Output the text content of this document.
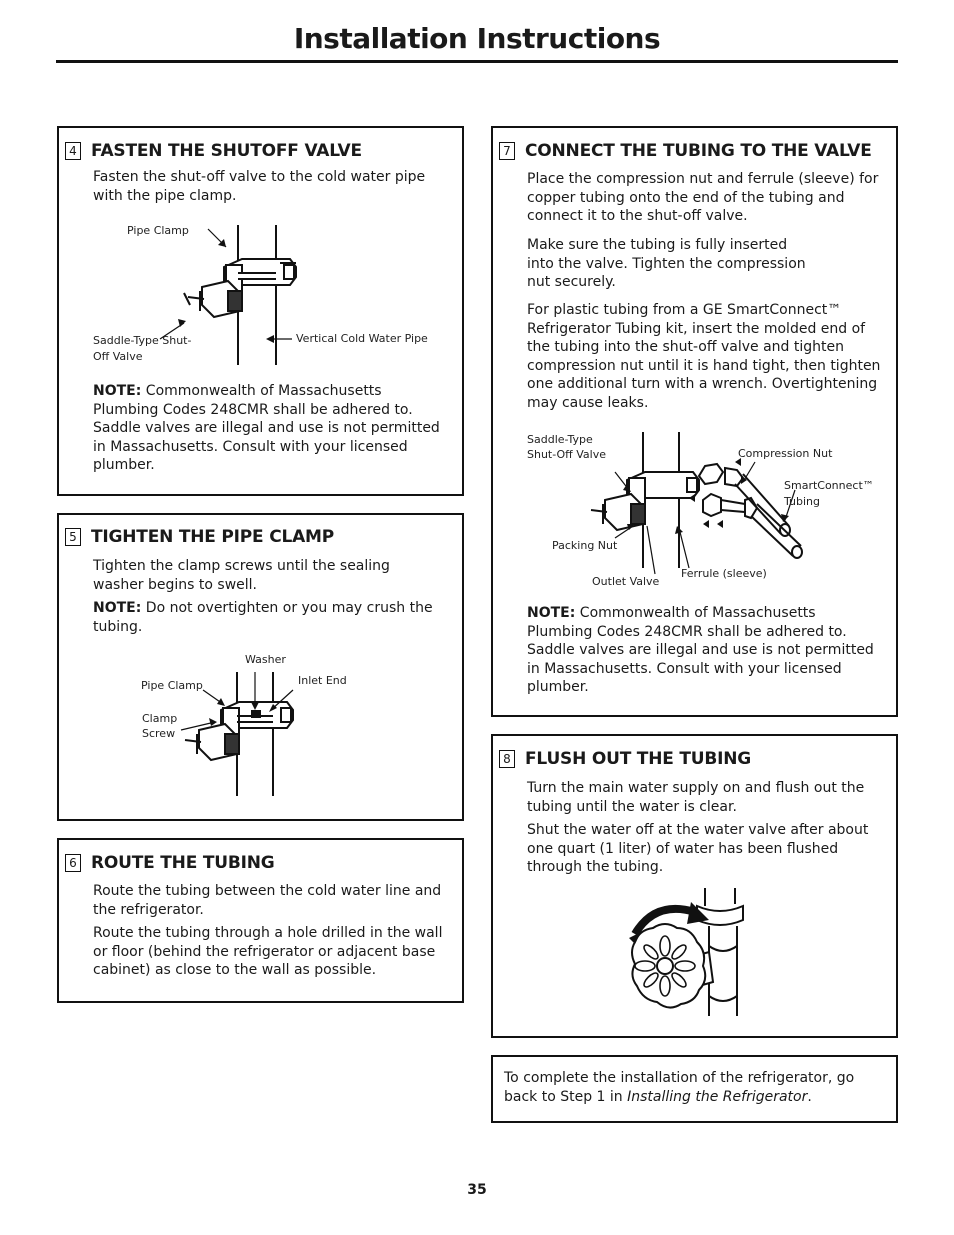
Installation Instructions
4 FASTEN THE SHUTOFF VALVE
Fasten the shut-off valve to the cold water pipe with the pipe clamp.
Pipe Clamp
Saddle-Type Shut-
Off Valve
Vertical Cold Water Pipe
NOTE: Commonwealth of Massachusetts Plumbing Codes 248CMR shall be adhered to. Saddle valves are illegal and use is not permitted in Massachusetts. Consult with your licensed plumber.
5 TIGHTEN THE PIPE CLAMP
Tighten the clamp screws until the sealing washer begins to swell.
NOTE: Do not overtighten or you may crush the tubing.
Washer
Pipe Clamp	Inlet End
Clamp
Screw
6 ROUTE THE TUBING
Route the tubing between the cold water line and the refrigerator.
Route the tubing through a hole drilled in the wall or floor (behind the refrigerator or adjacent base cabinet) as close to the wall as possible.
7 CONNECT THE TUBING TO THE VALVE
Place the compression nut and ferrule (sleeve) for copper tubing onto the end of the tubing and connect it to the shut-off valve.
Make sure the tubing is fully inserted into the valve. Tighten the compression nut securely.
For plastic tubing from a GE SmartConnect™ Refrigerator Tubing kit, insert the molded end of the tubing into the shut-off valve and tighten compression nut until it is hand tight, then tighten one additional turn with a wrench. Overtightening may cause leaks.
Saddle-Type
Shut-Off Valve	Compression Nut
SmartConnect™
Tubing
Packing Nut
Ferrule (sleeve)
Outlet Valve
NOTE: Commonwealth of Massachusetts Plumbing Codes 248CMR shall be adhered to. Saddle valves are illegal and use is not permitted in Massachusetts. Consult with your licensed plumber.
8 FLUSH OUT THE TUBING
Turn the main water supply on and flush out the tubing until the water is clear.
Shut the water off at the water valve after about one quart (1 liter) of water has been flushed through the tubing.
To complete the installation of the refrigerator, go back to Step 1 in Installing the Refrigerator.
35
